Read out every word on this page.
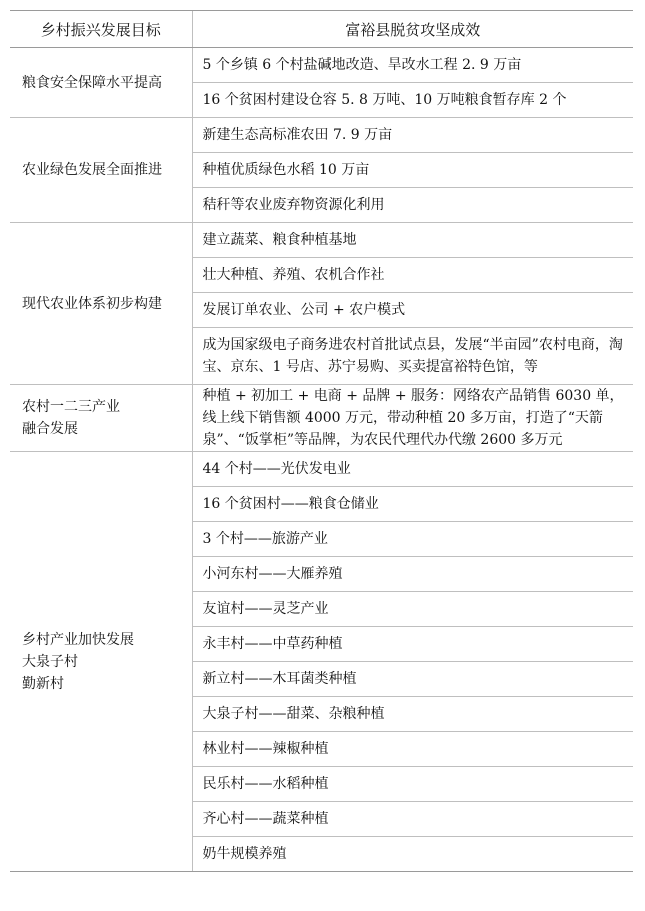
乡村振兴发展目标	富裕县脱贫攻坚成效

粮食安全保障水平提高	5 个乡镇 6 个村盐碱地改造、旱改水工程 2. 9 万亩
	16 个贫困村建设仓容 5. 8 万吨、10 万吨粮食暂存库 2 个

农业绿色发展全面推进	新建生态高标准农田 7. 9 万亩
	种植优质绿色水稻 10 万亩
	秸秆等农业废弃物资源化利用

现代农业体系初步构建	建立蔬菜、粮食种植基地
	壮大种植、养殖、农机合作社
	发展订单农业、公司 + 农户模式
	成为国家级电子商务进农村首批试点县，发展“半亩园”农村电商，淘宝、京东、1 号店、苏宁易购、买卖提富裕特色馆，等

农村一二三产业
融合发展	种植 + 初加工 + 电商 + 品牌 + 服务：网络农产品销售 6030 单，线上线下销售额 4000 万元，带动种植 20 多万亩，打造了“天箭泉”、“饭掌柜”等品牌，为农民代理代办代缴 2600 多万元

乡村产业加快发展
大泉子村
勤新村	44 个村——光伏发电业
	16 个贫困村——粮食仓储业
	3 个村——旅游产业
	小河东村——大雁养殖
	友谊村——灵芝产业
	永丰村——中草药种植
	新立村——木耳菌类种植
	大泉子村——甜菜、杂粮种植
	林业村——辣椒种植
	民乐村——水稻种植
	齐心村——蔬菜种植
	奶牛规模养殖
